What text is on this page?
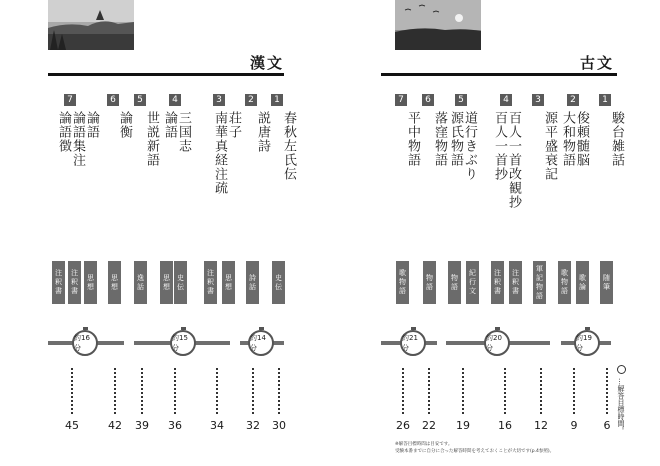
漢文
1
春秋左氏伝
2
説唐詩
3
荘子
南華真経注疏
4
三国志
論語
5
世説新語
6
論衡
7
論語
論語集注
論語徴
史伝
詩話
思想
注釈書
史伝
思想
逸話
思想
思想
注釈書
注釈書
約14分
約15分
約16分
30
32
34
36
39
42
45
古文
1
駿台雑話
2
俊頼髄脳
大和物語
3
源平盛衰記
4
百人一首改観抄
百人一首抄
5
道行きぶり
源氏物語
6
落窪物語
7
平中物語
随筆
歌論
歌物語
軍記物語
注釈書
注釈書
紀行文
物語
物語
歌物語
約19分
約20分
約21分
6
9
12
16
19
22
26	…解答目標時間。
※解答目標時間は目安です。
受験本番までに自分に合った解答時間を考えておくことが大切です(p.4参照)。
